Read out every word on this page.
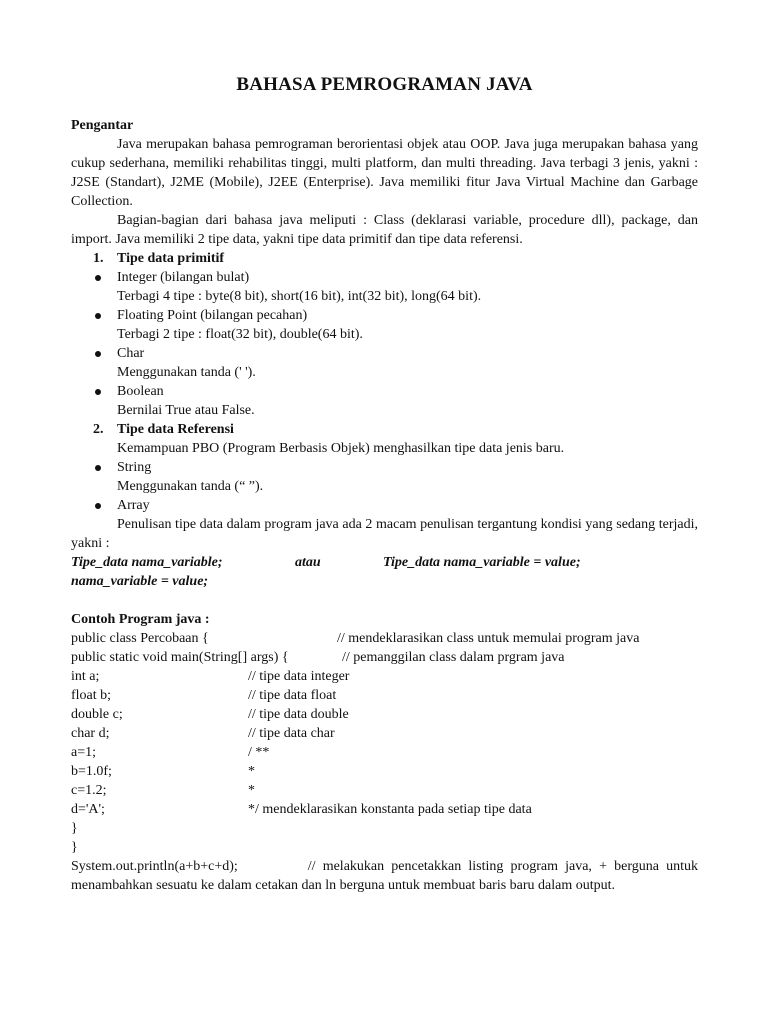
BAHASA PEMROGRAMAN JAVA
Pengantar

Java merupakan bahasa pemrograman berorientasi objek atau OOP. Java juga merupakan bahasa yang cukup sederhana, memiliki rehabilitas tinggi, multi platform, dan multi threading. Java terbagi 3 jenis, yakni : J2SE (Standart), J2ME (Mobile), J2EE (Enterprise). Java memiliki fitur Java Virtual Machine dan Garbage Collection.

Bagian-bagian dari bahasa java meliputi : Class (deklarasi variable, procedure dll), package, dan import. Java memiliki 2 tipe data, yakni tipe data primitif dan tipe data referensi.

1. Tipe data primitif
Integer (bilangan bulat)
Terbagi 4 tipe : byte(8 bit), short(16 bit), int(32 bit), long(64 bit).
Floating Point (bilangan pecahan)
Terbagi 2 tipe : float(32 bit), double(64 bit).
Char
Menggunakan tanda (' ').
Boolean
Bernilai True atau False.
2. Tipe data Referensi
Kemampuan PBO (Program Berbasis Objek) menghasilkan tipe data jenis baru.
String
Menggunakan tanda (“ ”).
Array

Penulisan tipe data dalam program java ada 2 macam penulisan tergantung kondisi yang sedang terjadi, yakni :

Tipe_data nama_variable;	atau	Tipe_data nama_variable = value;
nama_variable = value;
Contoh Program java :
public class Percobaan {	// mendeklarasikan class untuk memulai program java
public static void main(String[] args) {	// pemanggilan class dalam prgram java
int a;	// tipe data integer
float b;	// tipe data float
double c;	// tipe data double
char d;	// tipe data char
a=1;	/ **
b=1.0f;	*
c=1.2;	*
d='A';	*/ mendeklarasikan konstanta pada setiap tipe data
}
}

System.out.println(a+b+c+d);	// melakukan pencetakkan listing program java, + berguna untuk menambahkan sesuatu ke dalam cetakan dan ln berguna untuk membuat baris baru dalam output.
